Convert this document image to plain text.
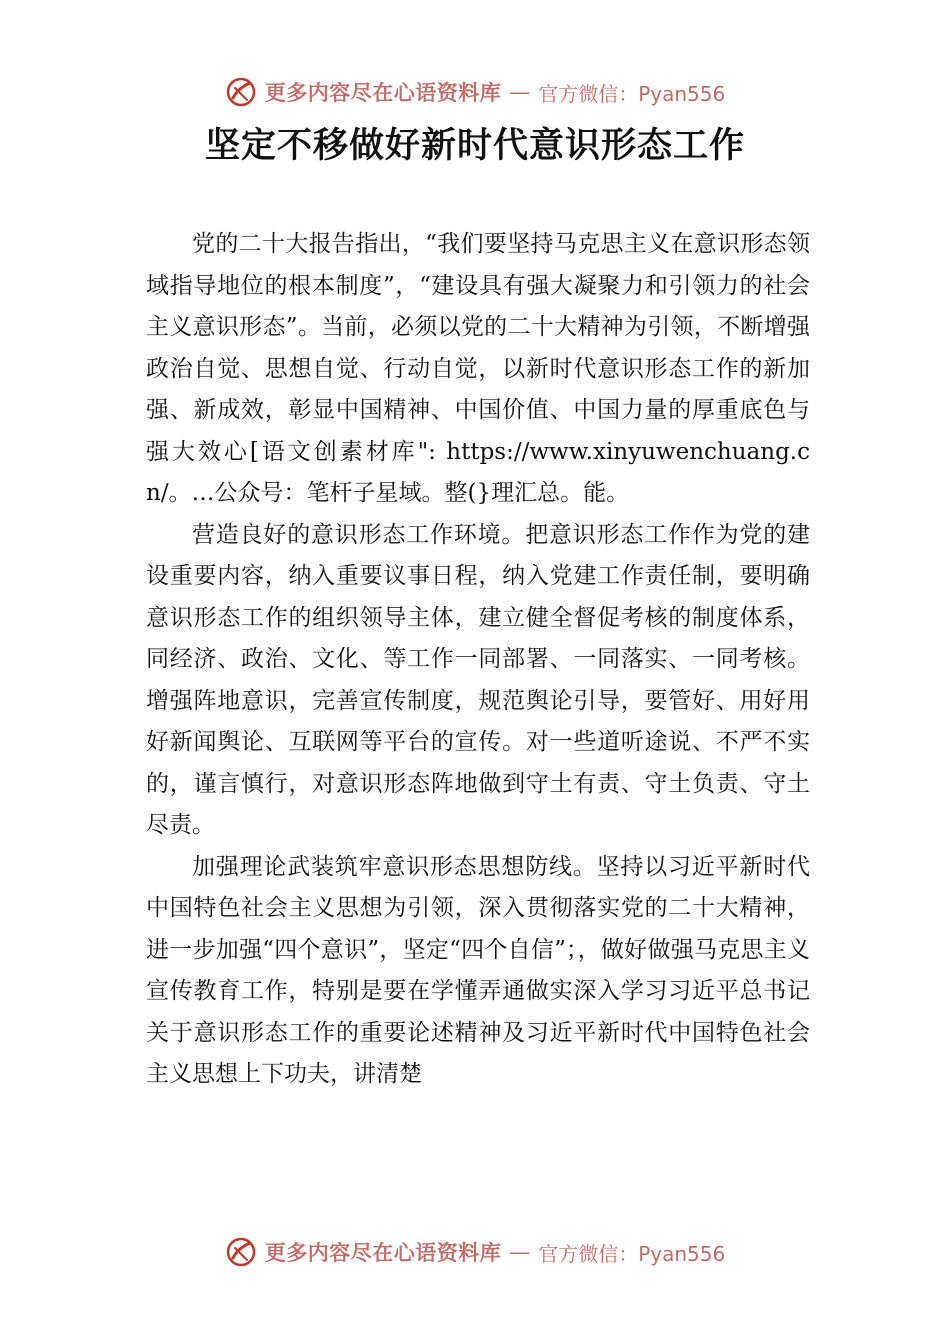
更多内容尽在心语资料库 — 官方微信：Pyan556
坚定不移做好新时代意识形态工作

党的二十大报告指出，“我们要坚持马克思主义在意识形态领域指导地位的根本制度”，“建设具有强大凝聚力和引领力的社会主义意识形态”。当前，必须以党的二十大精神为引领，不断增强政治自觉、思想自觉、行动自觉，以新时代意识形态工作的新加强、新成效，彰显中国精神、中国价值、中国力量的厚重底色与强大效心[语文创素材库": https://www.xinyuwenchuang.cn/。…公众号：笔杆子星域。整(}理汇总。能。

营造良好的意识形态工作环境。把意识形态工作作为党的建设重要内容，纳入重要议事日程，纳入党建工作责任制，要明确意识形态工作的组织领导主体，建立健全督促考核的制度体系，同经济、政治、文化、等工作一同部署、一同落实、一同考核。增强阵地意识，完善宣传制度，规范舆论引导，要管好、用好用好新闻舆论、互联网等平台的宣传。对一些道听途说、不严不实的，谨言慎行，对意识形态阵地做到守土有责、守土负责、守土尽责。

加强理论武装筑牢意识形态思想防线。坚持以习近平新时代中国特色社会主义思想为引领，深入贯彻落实党的二十大精神，进一步加强“四个意识”，坚定“四个自信”；，做好做强马克思主义宣传教育工作，特别是要在学懂弄通做实深入学习习近平总书记关于意识形态工作的重要论述精神及习近平新时代中国特色社会主义思想上下功夫，讲清楚

更多内容尽在心语资料库 — 官方微信：Pyan556
